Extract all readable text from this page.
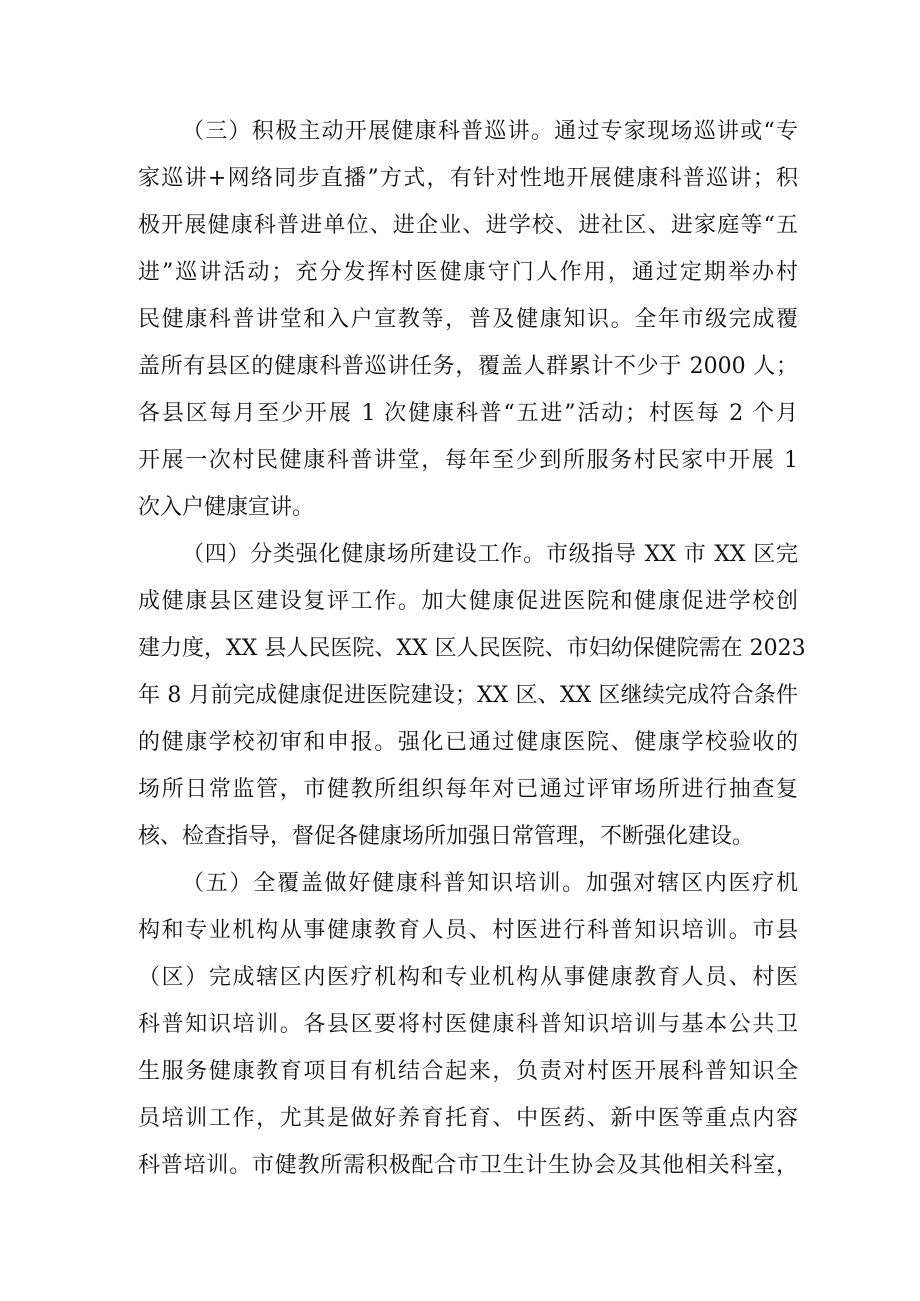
（三）积极主动开展健康科普巡讲。通过专家现场巡讲或“专
家巡讲+网络同步直播”方式，有针对性地开展健康科普巡讲；积
极开展健康科普进单位、进企业、进学校、进社区、进家庭等“五
进”巡讲活动；充分发挥村医健康守门人作用，通过定期举办村
民健康科普讲堂和入户宣教等，普及健康知识。全年市级完成覆
盖所有县区的健康科普巡讲任务，覆盖人群累计不少于 2000 人；
各县区每月至少开展 1 次健康科普“五进”活动；村医每 2 个月
开展一次村民健康科普讲堂，每年至少到所服务村民家中开展 1
次入户健康宣讲。
（四）分类强化健康场所建设工作。市级指导 XX 市 XX 区完
成健康县区建设复评工作。加大健康促进医院和健康促进学校创
建力度，XX 县人民医院、XX 区人民医院、市妇幼保健院需在 2023
年 8 月前完成健康促进医院建设；XX 区、XX 区继续完成符合条件
的健康学校初审和申报。强化已通过健康医院、健康学校验收的
场所日常监管，市健教所组织每年对已通过评审场所进行抽查复
核、检查指导，督促各健康场所加强日常管理，不断强化建设。
（五）全覆盖做好健康科普知识培训。加强对辖区内医疗机
构和专业机构从事健康教育人员、村医进行科普知识培训。市县
（区）完成辖区内医疗机构和专业机构从事健康教育人员、村医
科普知识培训。各县区要将村医健康科普知识培训与基本公共卫
生服务健康教育项目有机结合起来，负责对村医开展科普知识全
员培训工作，尤其是做好养育托育、中医药、新中医等重点内容
科普培训。市健教所需积极配合市卫生计生协会及其他相关科室，
